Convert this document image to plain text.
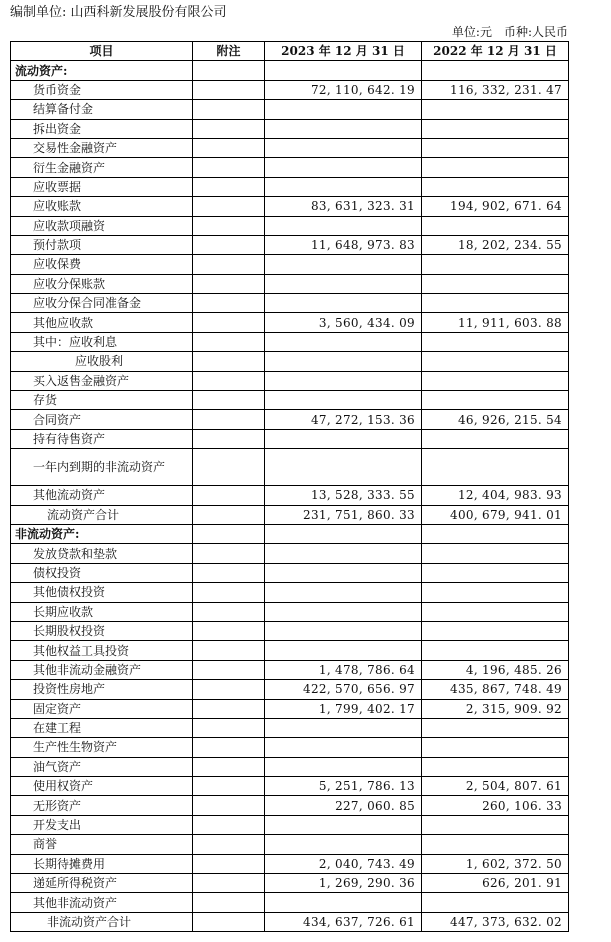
编制单位: 山西科新发展股份有限公司
单位:元　币种:人民币
项目	附注	2023 年 12 月 31 日	2022 年 12 月 31 日
流动资产:			
货币资金		72, 110, 642. 19	116, 332, 231. 47
结算备付金			
拆出资金			
交易性金融资产			
衍生金融资产			
应收票据			
应收账款		83, 631, 323. 31	194, 902, 671. 64
应收款项融资			
预付款项		11, 648, 973. 83	18, 202, 234. 55
应收保费			
应收分保账款			
应收分保合同准备金			
其他应收款		3, 560, 434. 09	11, 911, 603. 88
其中：应收利息			
应收股利			
买入返售金融资产			
存货			
合同资产		47, 272, 153. 36	46, 926, 215. 54
持有待售资产			
一年内到期的非流动资产			
其他流动资产		13, 528, 333. 55	12, 404, 983. 93
流动资产合计		231, 751, 860. 33	400, 679, 941. 01
非流动资产:			
发放贷款和垫款			
债权投资			
其他债权投资			
长期应收款			
长期股权投资			
其他权益工具投资			
其他非流动金融资产		1, 478, 786. 64	4, 196, 485. 26
投资性房地产		422, 570, 656. 97	435, 867, 748. 49
固定资产		1, 799, 402. 17	2, 315, 909. 92
在建工程			
生产性生物资产			
油气资产			
使用权资产		5, 251, 786. 13	2, 504, 807. 61
无形资产		227, 060. 85	260, 106. 33
开发支出			
商誉			
长期待摊费用		2, 040, 743. 49	1, 602, 372. 50
递延所得税资产		1, 269, 290. 36	626, 201. 91
其他非流动资产			
非流动资产合计		434, 637, 726. 61	447, 373, 632. 02
